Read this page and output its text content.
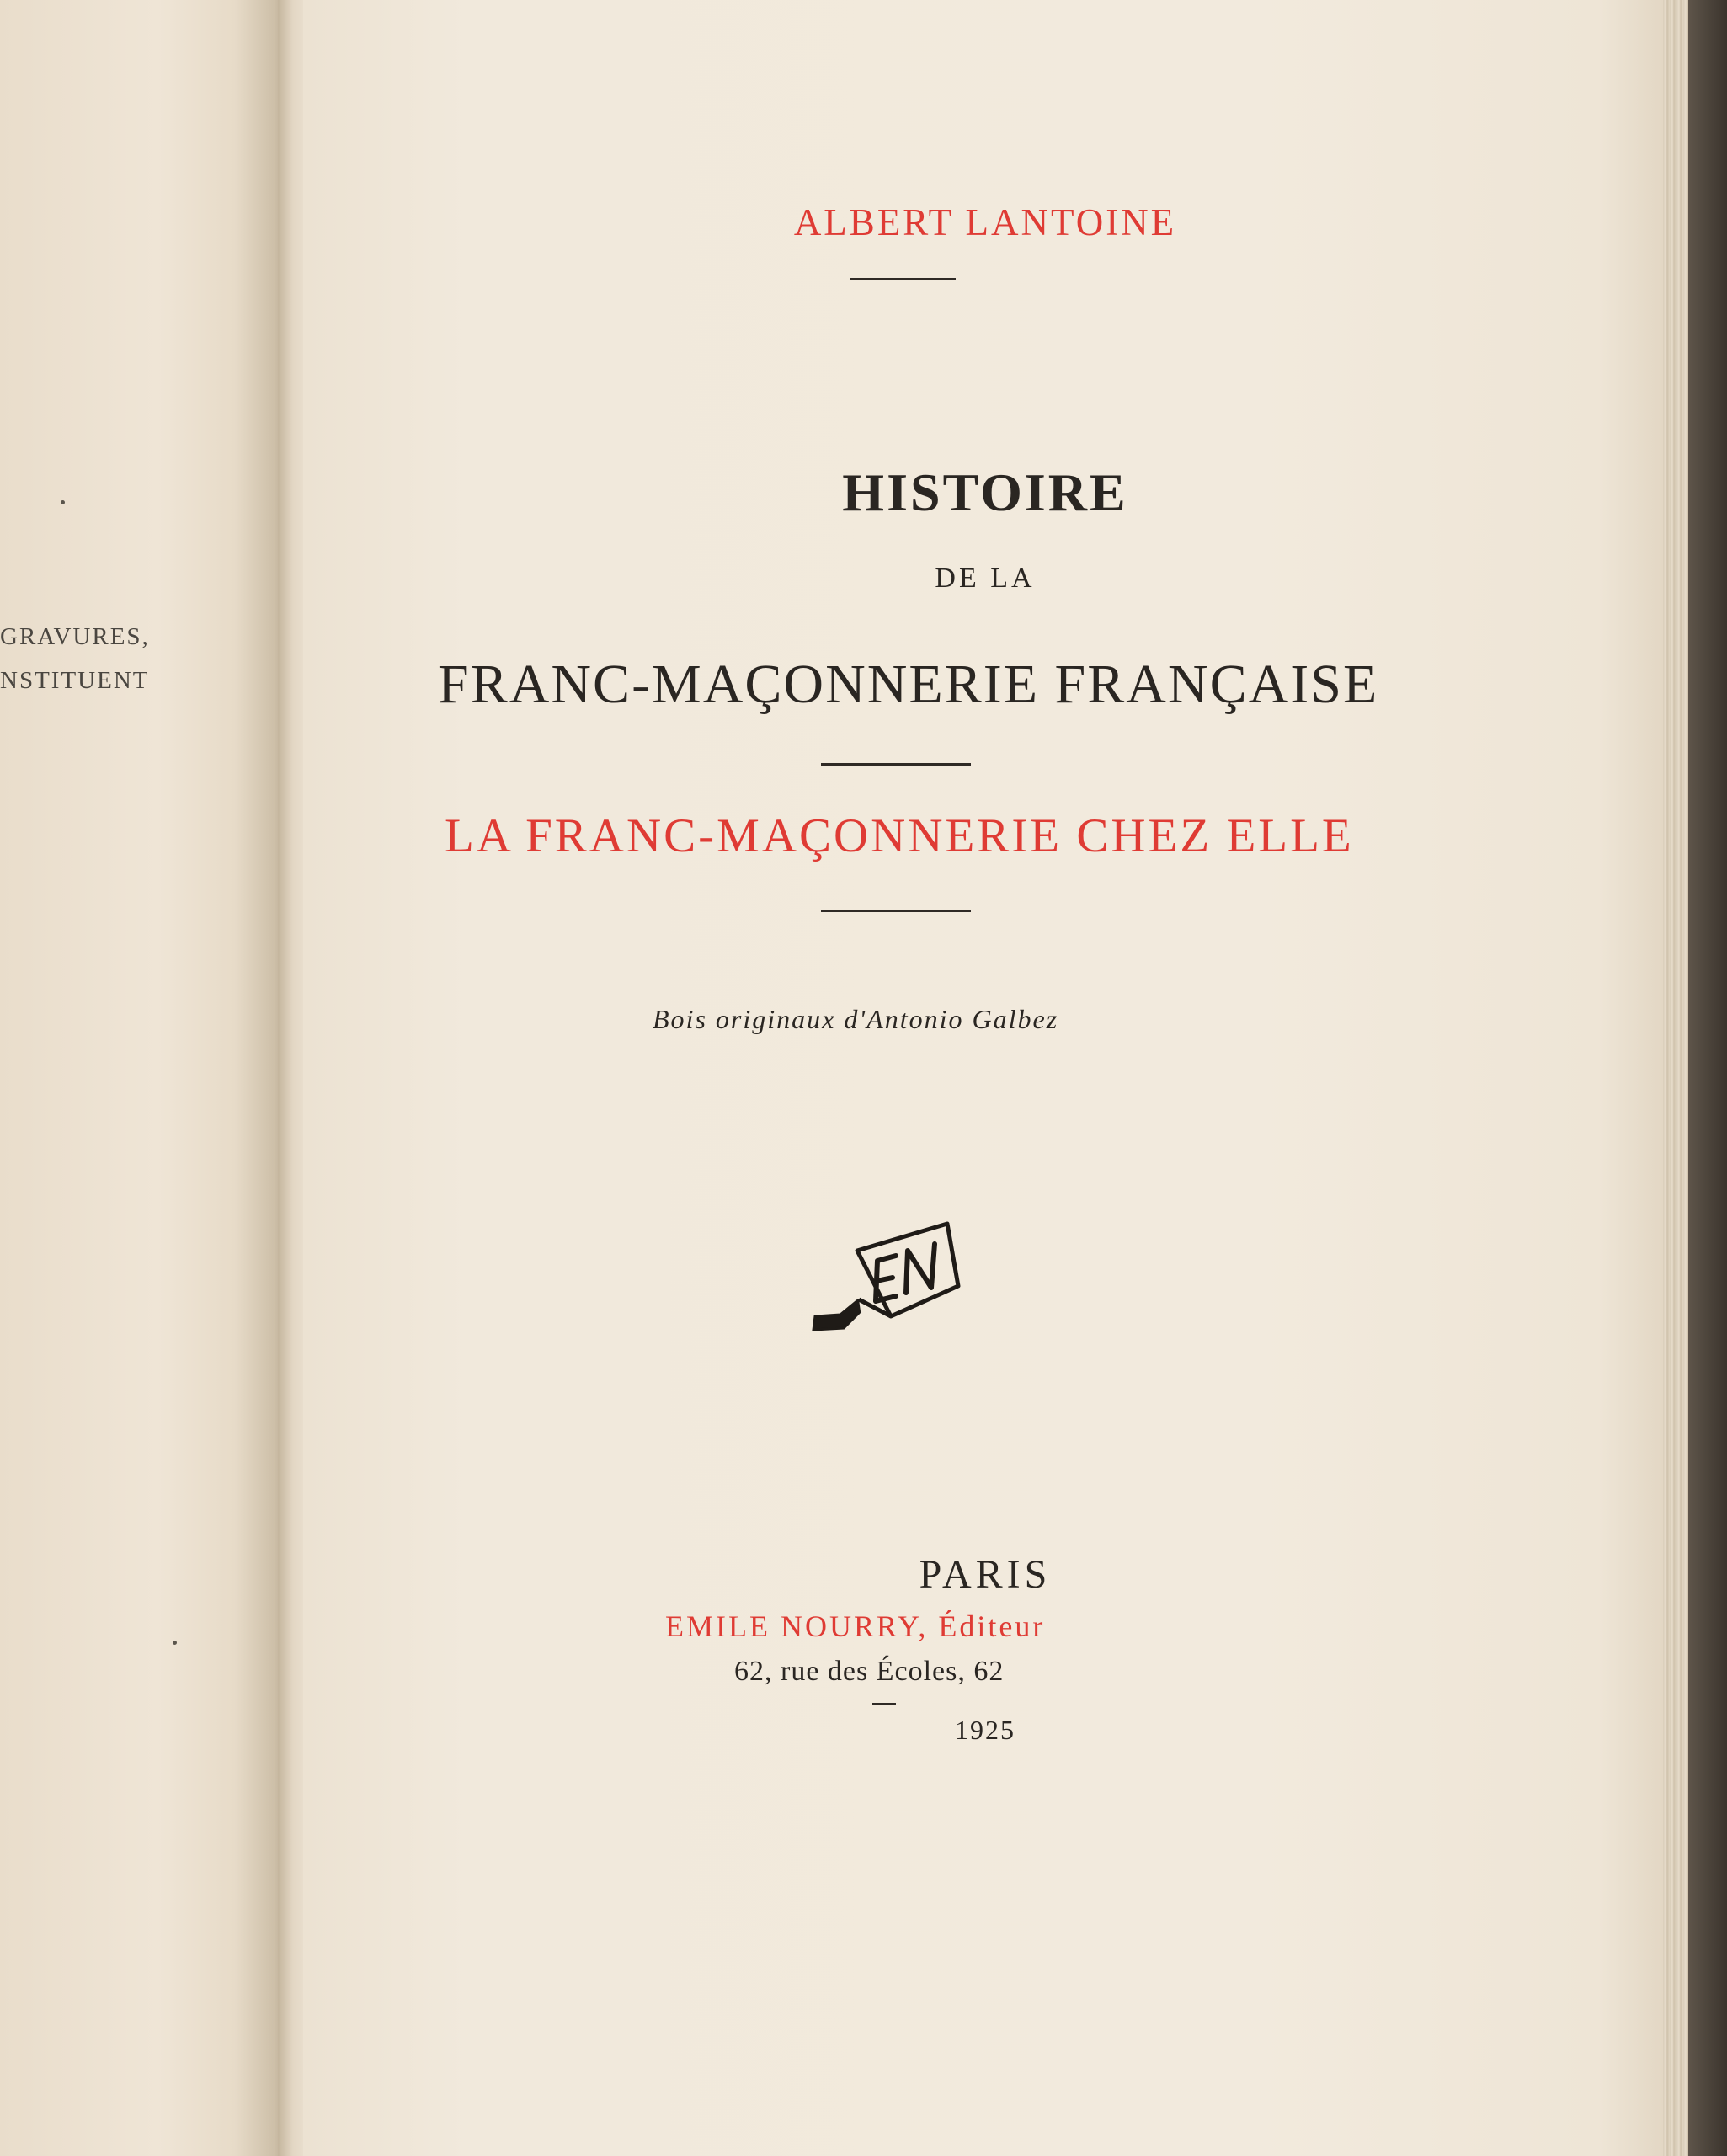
GRAVURES,
NSTITUENT
ALBERT LANTOINE
HISTOIRE
DE LA
FRANC-MAÇONNERIE FRANÇAISE
LA FRANC-MAÇONNERIE CHEZ ELLE
Bois originaux d'Antonio Galbez
EN
PARIS
EMILE NOURRY, Éditeur
62, rue des Écoles, 62
1925
